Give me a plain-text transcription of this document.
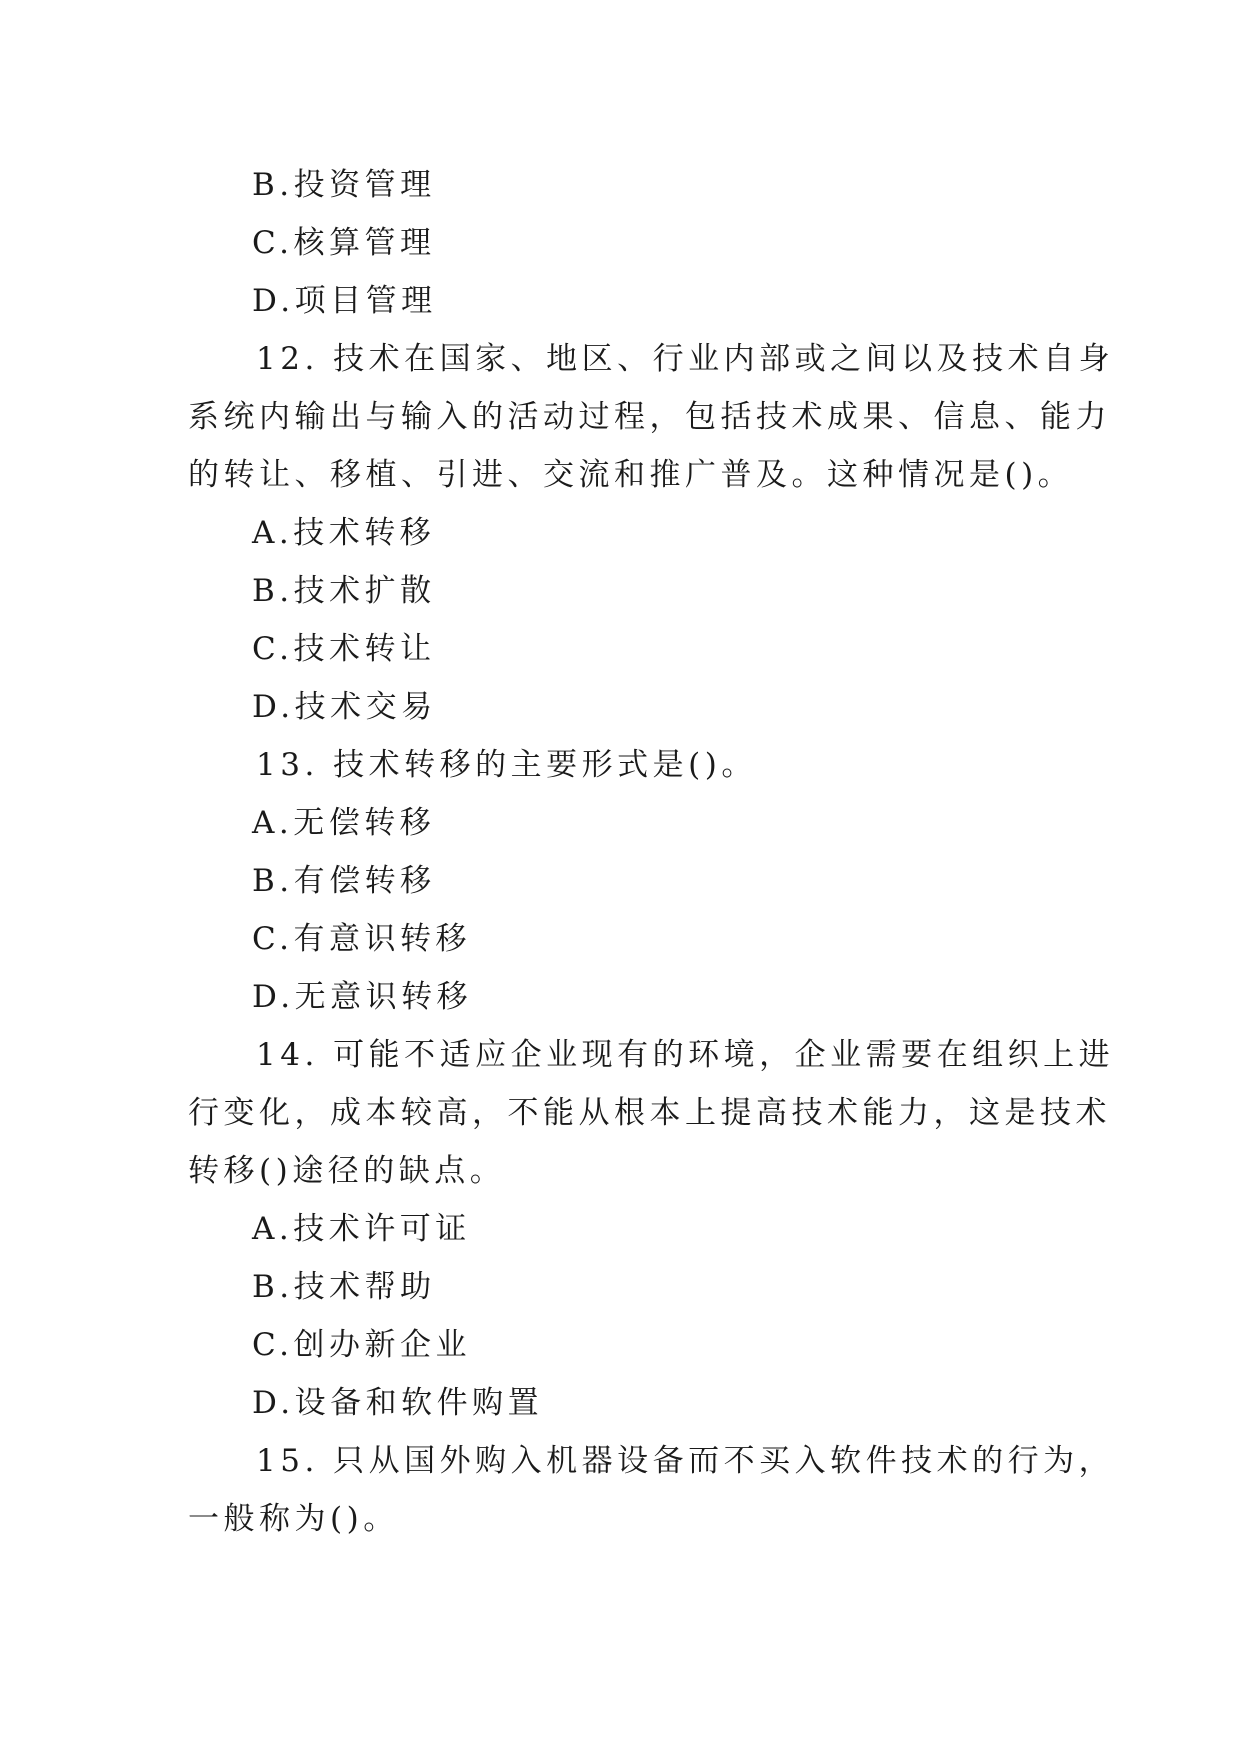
B.投资管理
C.核算管理
D.项目管理
12. 技术在国家、地区、行业内部或之间以及技术自身
系统内输出与输入的活动过程，包括技术成果、信息、能力
的转让、移植、引进、交流和推广普及。这种情况是()。
A.技术转移
B.技术扩散
C.技术转让
D.技术交易
13. 技术转移的主要形式是()。
A.无偿转移
B.有偿转移
C.有意识转移
D.无意识转移
14. 可能不适应企业现有的环境，企业需要在组织上进
行变化，成本较高，不能从根本上提高技术能力，这是技术
转移()途径的缺点。
A.技术许可证
B.技术帮助
C.创办新企业
D.设备和软件购置
15. 只从国外购入机器设备而不买入软件技术的行为，
一般称为()。
